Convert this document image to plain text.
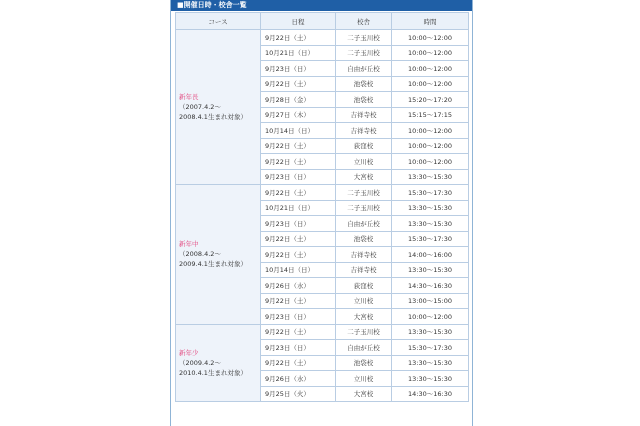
■開催日時・校舎一覧
コース	日程	校舎	時間

新年長
（2007.4.2～
2008.4.1生まれ対象）	9月22日（土）	二子玉川校	10:00～12:00
	10月21日（日）	二子玉川校	10:00～12:00
	9月23日（日）	自由が丘校	10:00～12:00
	9月22日（土）	池袋校	10:00～12:00
	9月28日（金）	池袋校	15:20～17:20
	9月27日（木）	吉祥寺校	15:15～17:15
	10月14日（日）	吉祥寺校	10:00～12:00
	9月22日（土）	荻窪校	10:00～12:00
	9月22日（土）	立川校	10:00～12:00
	9月23日（日）	大宮校	13:30～15:30

新年中
（2008.4.2～
2009.4.1生まれ対象）	9月22日（土）	二子玉川校	15:30～17:30
	10月21日（日）	二子玉川校	13:30～15:30
	9月23日（日）	自由が丘校	13:30～15:30
	9月22日（土）	池袋校	15:30～17:30
	9月22日（土）	吉祥寺校	14:00～16:00
	10月14日（日）	吉祥寺校	13:30～15:30
	9月26日（水）	荻窪校	14:30～16:30
	9月22日（土）	立川校	13:00～15:00
	9月23日（日）	大宮校	10:00～12:00

新年少
（2009.4.2～
2010.4.1生まれ対象）	9月22日（土）	二子玉川校	13:30～15:30
	9月23日（日）	自由が丘校	15:30～17:30
	9月22日（土）	池袋校	13:30～15:30
	9月26日（水）	立川校	13:30～15:30
	9月25日（火）	大宮校	14:30～16:30
